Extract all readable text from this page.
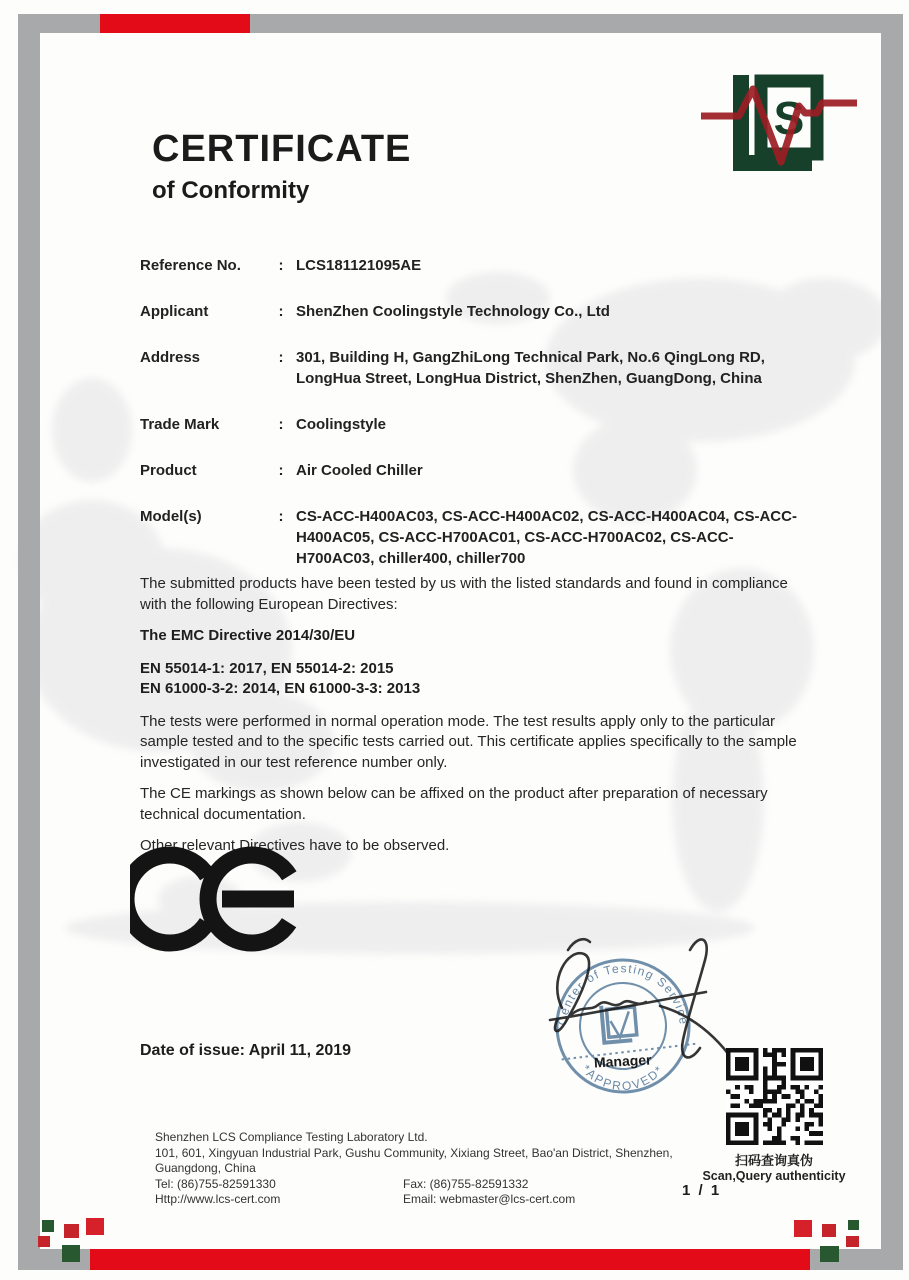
S
CERTIFICATE
of Conformity
Reference No.	: LCS181121095AE
Applicant	: ShenZhen Coolingstyle Technology Co., Ltd
Address	: 301, Building H, GangZhiLong Technical Park, No.6 QingLong RD, LongHua Street, LongHua District, ShenZhen, GuangDong, China
Trade Mark	: Coolingstyle
Product	: Air Cooled Chiller
Model(s)	: CS-ACC-H400AC03, CS-ACC-H400AC02, CS-ACC-H400AC04, CS-ACC-H400AC05, CS-ACC-H700AC01, CS-ACC-H700AC02, CS-ACC-H700AC03, chiller400, chiller700

The submitted products have been tested by us with the listed standards and found in compliance with the following European Directives:

The EMC Directive 2014/30/EU

EN 55014-1: 2017, EN 55014-2: 2015

EN 61000-3-2: 2014, EN 61000-3-3: 2013

The tests were performed in normal operation mode. The test results apply only to the particular sample tested and to the specific tests carried out. This certificate applies specifically to the sample investigated in our test reference number only.

The CE markings as shown below can be affixed on the product after preparation of necessary technical documentation.

Other relevant Directives have to be observed.

Center of Testing Service
*APPROVED*
Manager
Date of issue: April 11, 2019
扫码查询真伪
Scan,Query authenticity
1 / 1
Shenzhen LCS Compliance Testing Laboratory Ltd.
101, 601, Xingyuan Industrial Park, Gushu Community, Xixiang Street, Bao'an District, Shenzhen, Guangdong, China
Tel: (86)755-82591330	Fax: (86)755-82591332
Http://www.lcs-cert.com	Email: webmaster@lcs-cert.com
